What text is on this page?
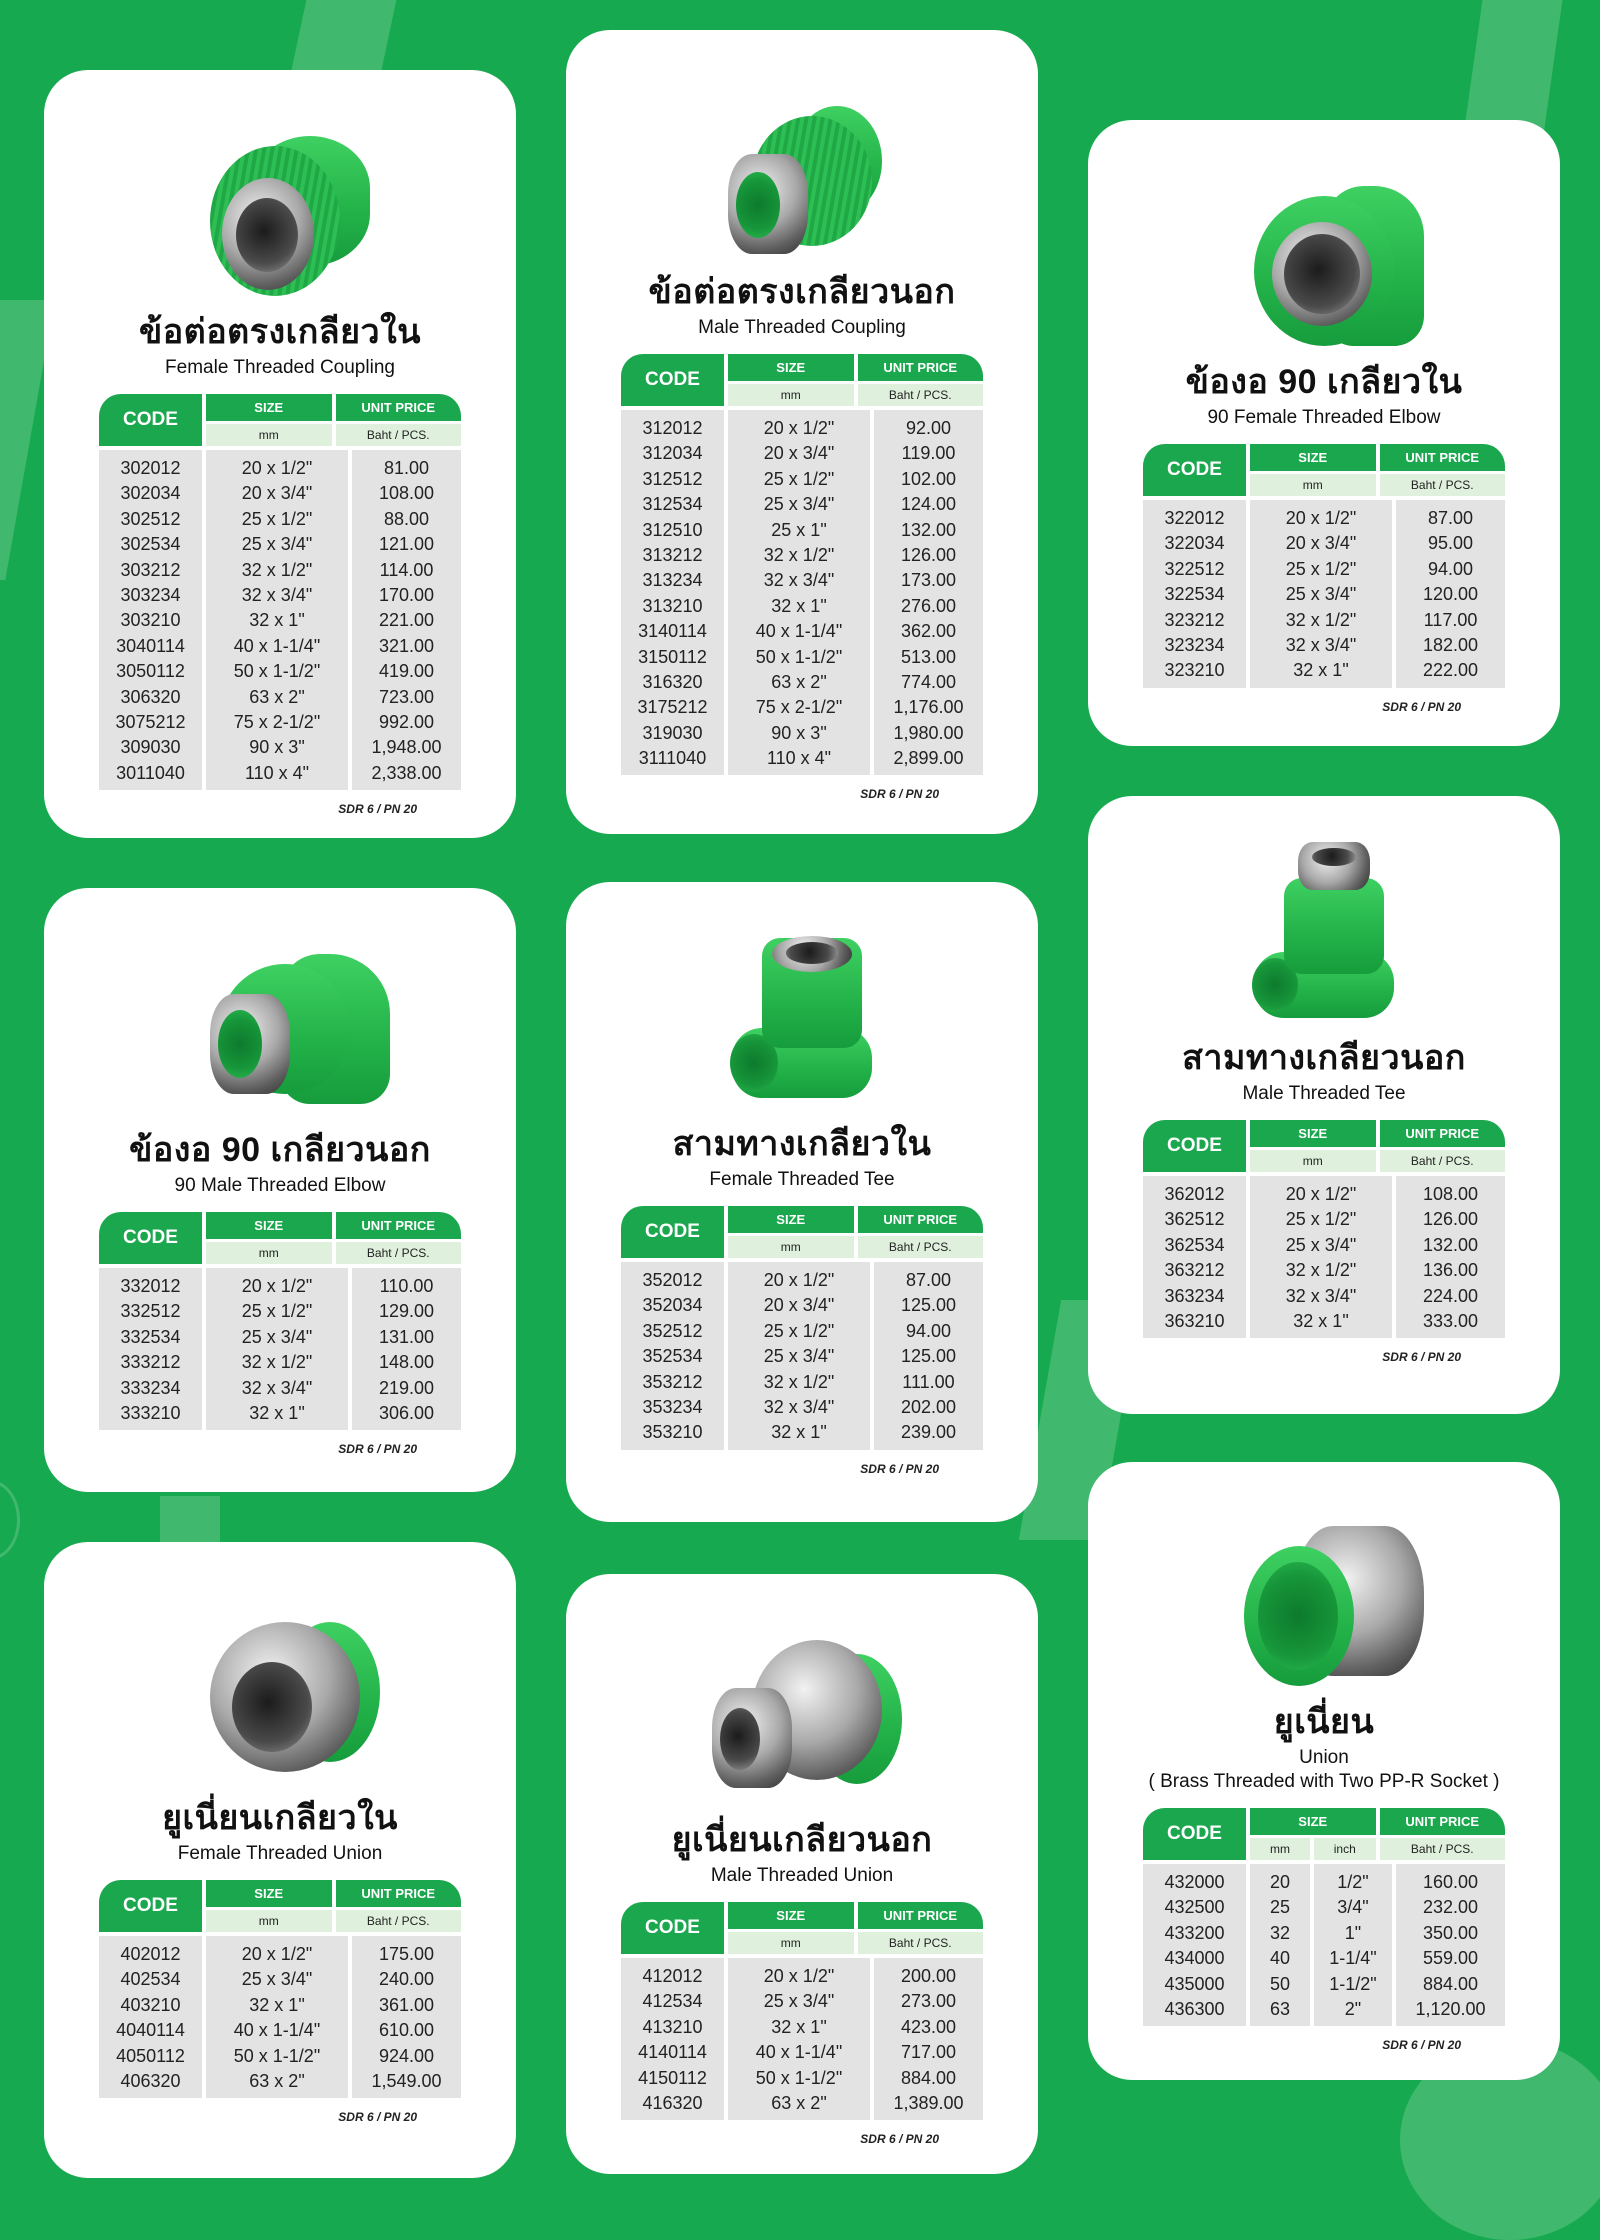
ข้อต่อตรงเกลียวใน
Female Threaded Coupling
CODE
SIZE
mm
UNIT PRICE
Baht / PCS.
302012
302034
302512
302534
303212
303234
303210
3040114
3050112
306320
3075212
309030
3011040
20 x 1/2"
20 x 3/4"
25 x 1/2"
25 x 3/4"
32 x 1/2"
32 x 3/4"
32 x 1"
40 x 1-1/4"
50 x 1-1/2"
63 x 2"
75 x 2-1/2"
90 x 3"
110 x 4"
81.00
108.00
88.00
121.00
114.00
170.00
221.00
321.00
419.00
723.00
992.00
1,948.00
2,338.00
SDR 6 / PN 20
ข้อต่อตรงเกลียวนอก
Male Threaded Coupling
CODE
SIZE
mm
UNIT PRICE
Baht / PCS.
312012
312034
312512
312534
312510
313212
313234
313210
3140114
3150112
316320
3175212
319030
3111040
20 x 1/2"
20 x 3/4"
25 x 1/2"
25 x 3/4"
25 x 1"
32 x 1/2"
32 x 3/4"
32 x 1"
40 x 1-1/4"
50 x 1-1/2"
63 x 2"
75 x 2-1/2"
90 x 3"
110 x 4"
92.00
119.00
102.00
124.00
132.00
126.00
173.00
276.00
362.00
513.00
774.00
1,176.00
1,980.00
2,899.00
SDR 6 / PN 20
ข้องอ 90 เกลียวใน
90 Female Threaded Elbow
CODE
SIZE
mm
UNIT PRICE
Baht / PCS.
322012
322034
322512
322534
323212
323234
323210
20 x 1/2"
20 x 3/4"
25 x 1/2"
25 x 3/4"
32 x 1/2"
32 x 3/4"
32 x 1"
87.00
95.00
94.00
120.00
117.00
182.00
222.00
SDR 6 / PN 20
ข้องอ 90 เกลียวนอก
90 Male Threaded Elbow
CODE
SIZE
mm
UNIT PRICE
Baht / PCS.
332012
332512
332534
333212
333234
333210
20 x 1/2"
25 x 1/2"
25 x 3/4"
32 x 1/2"
32 x 3/4"
32 x 1"
110.00
129.00
131.00
148.00
219.00
306.00
SDR 6 / PN 20
สามทางเกลียวใน
Female Threaded Tee
CODE
SIZE
mm
UNIT PRICE
Baht / PCS.
352012
352034
352512
352534
353212
353234
353210
20 x 1/2"
20 x 3/4"
25 x 1/2"
25 x 3/4"
32 x 1/2"
32 x 3/4"
32 x 1"
87.00
125.00
94.00
125.00
111.00
202.00
239.00
SDR 6 / PN 20
สามทางเกลียวนอก
Male Threaded Tee
CODE
SIZE
mm
UNIT PRICE
Baht / PCS.
362012
362512
362534
363212
363234
363210
20 x 1/2"
25 x 1/2"
25 x 3/4"
32 x 1/2"
32 x 3/4"
32 x 1"
108.00
126.00
132.00
136.00
224.00
333.00
SDR 6 / PN 20
ยูเนี่ยนเกลียวใน
Female Threaded Union
CODE
SIZE
mm
UNIT PRICE
Baht / PCS.
402012
402534
403210
4040114
4050112
406320
20 x 1/2"
25 x 3/4"
32 x 1"
40 x 1-1/4"
50 x 1-1/2"
63 x 2"
175.00
240.00
361.00
610.00
924.00
1,549.00
SDR 6 / PN 20
ยูเนี่ยนเกลียวนอก
Male Threaded Union
CODE
SIZE
mm
UNIT PRICE
Baht / PCS.
412012
412534
413210
4140114
4150112
416320
20 x 1/2"
25 x 3/4"
32 x 1"
40 x 1-1/4"
50 x 1-1/2"
63 x 2"
200.00
273.00
423.00
717.00
884.00
1,389.00
SDR 6 / PN 20
ยูเนี่ยน
Union
( Brass Threaded with Two PP-R Socket )
CODE
SIZE
mm	inch
UNIT PRICE
Baht / PCS.
432000
432500
433200
434000
435000
436300
20
25
32
40
50
63
1/2"
3/4"
1"
1-1/4"
1-1/2"
2"
160.00
232.00
350.00
559.00
884.00
1,120.00
SDR 6 / PN 20
